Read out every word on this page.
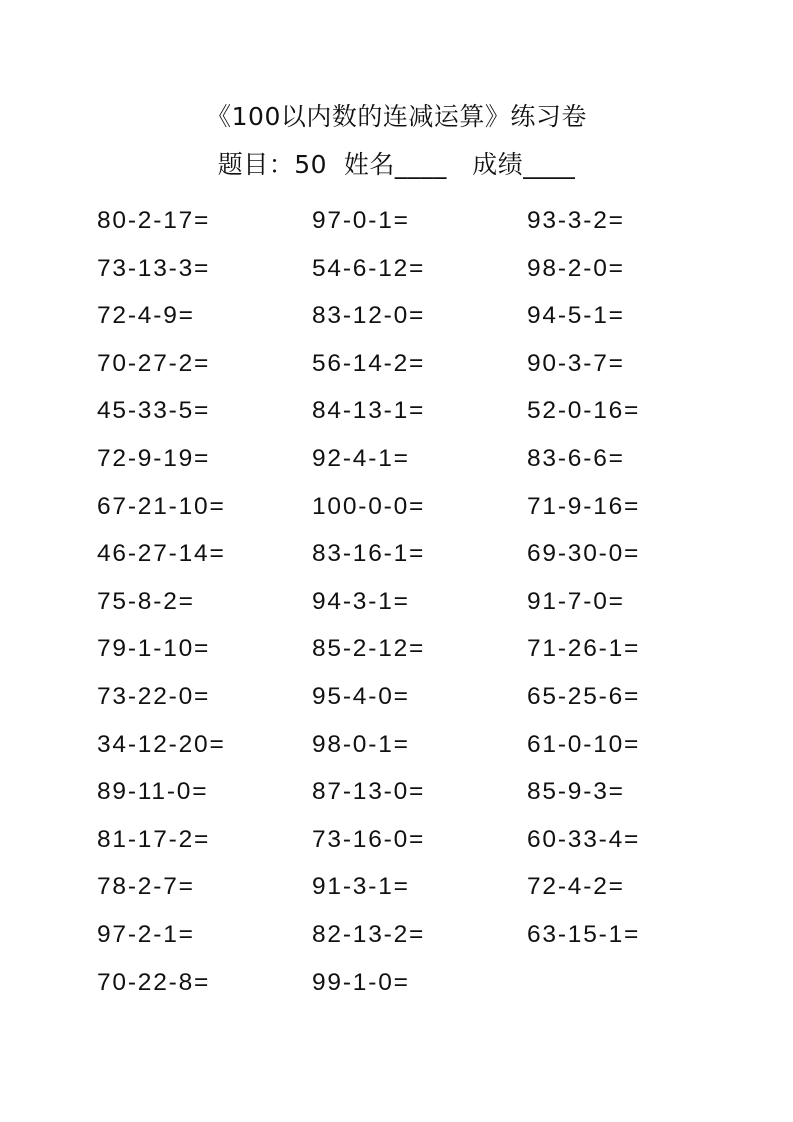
《100以内数的连减运算》练习卷
题目：50  姓名____   成绩____
80-2-17=	97-0-1=	93-3-2=
73-13-3=	54-6-12=	98-2-0=
72-4-9=	83-12-0=	94-5-1=
70-27-2=	56-14-2=	90-3-7=
45-33-5=	84-13-1=	52-0-16=
72-9-19=	92-4-1=	83-6-6=
67-21-10=	100-0-0=	71-9-16=
46-27-14=	83-16-1=	69-30-0=
75-8-2=	94-3-1=	91-7-0=
79-1-10=	85-2-12=	71-26-1=
73-22-0=	95-4-0=	65-25-6=
34-12-20=	98-0-1=	61-0-10=
89-11-0=	87-13-0=	85-9-3=
81-17-2=	73-16-0=	60-33-4=
78-2-7=	91-3-1=	72-4-2=
97-2-1=	82-13-2=	63-15-1=
70-22-8=	99-1-0=
